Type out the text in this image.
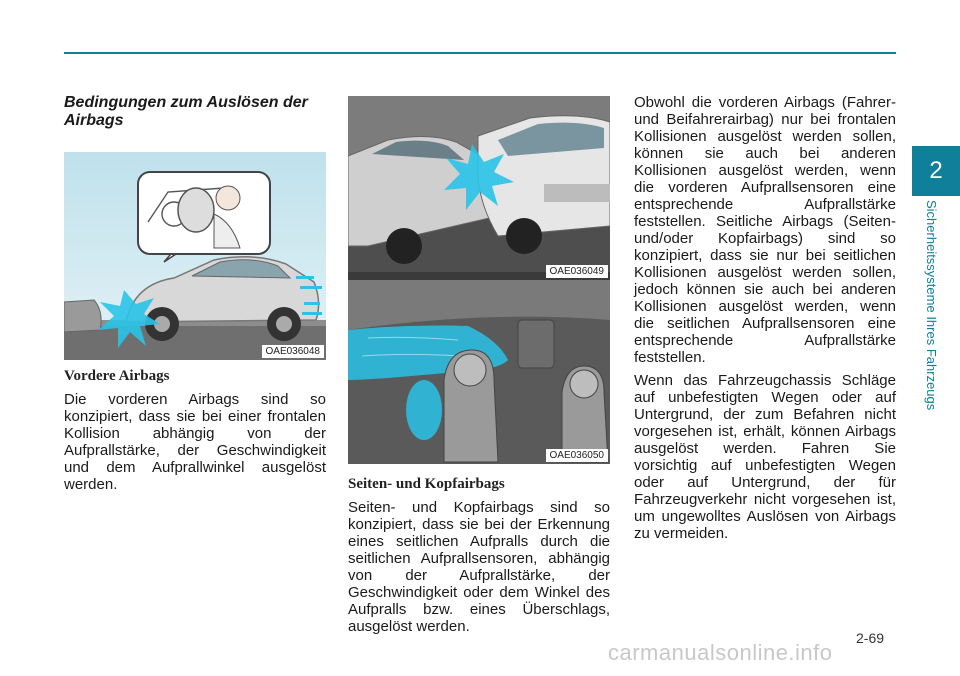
2
Sicherheitssysteme Ihres Fahrzeugs

Bedingungen zum Auslösen der Airbags

OAE036048

Vordere Airbags

Die vorderen Airbags sind so konzipiert, dass sie bei einer frontalen Kollision abhängig von der Aufprallstärke, der Geschwindigkeit und dem Aufprallwinkel ausgelöst werden.

OAE036049
OAE036050

Seiten- und Kopfairbags

Seiten- und Kopfairbags sind so konzipiert, dass sie bei der Erkennung eines seitlichen Aufpralls durch die seitlichen Aufprallsensoren, abhängig von der Aufprallstärke, der Geschwindigkeit oder dem Winkel des Aufpralls bzw. eines Überschlags, ausgelöst werden.

Obwohl die vorderen Airbags (Fahrer- und Beifahrerairbag) nur bei frontalen Kollisionen ausgelöst werden sollen, können sie auch bei anderen Kollisionen ausgelöst werden, wenn die vorderen Aufprallsensoren eine entsprechende Aufprallstärke feststellen. Seitliche Airbags (Seiten- und/oder Kopfairbags) sind so konzipiert, dass sie nur bei seitlichen Kollisionen ausgelöst werden sollen, jedoch können sie auch bei anderen Kollisionen ausgelöst werden, wenn die seitlichen Aufprallsensoren eine entsprechende Aufprallstärke feststellen.

Wenn das Fahrzeugchassis Schläge auf unbefestigten Wegen oder auf Untergrund, der zum Befahren nicht vorgesehen ist, erhält, können Airbags ausgelöst werden. Fahren Sie vorsichtig auf unbefestigten Wegen oder auf Untergrund, der für Fahrzeugverkehr nicht vorgesehen ist, um ungewolltes Auslösen von Airbags zu vermeiden.

2-69
carmanualsonline.info
